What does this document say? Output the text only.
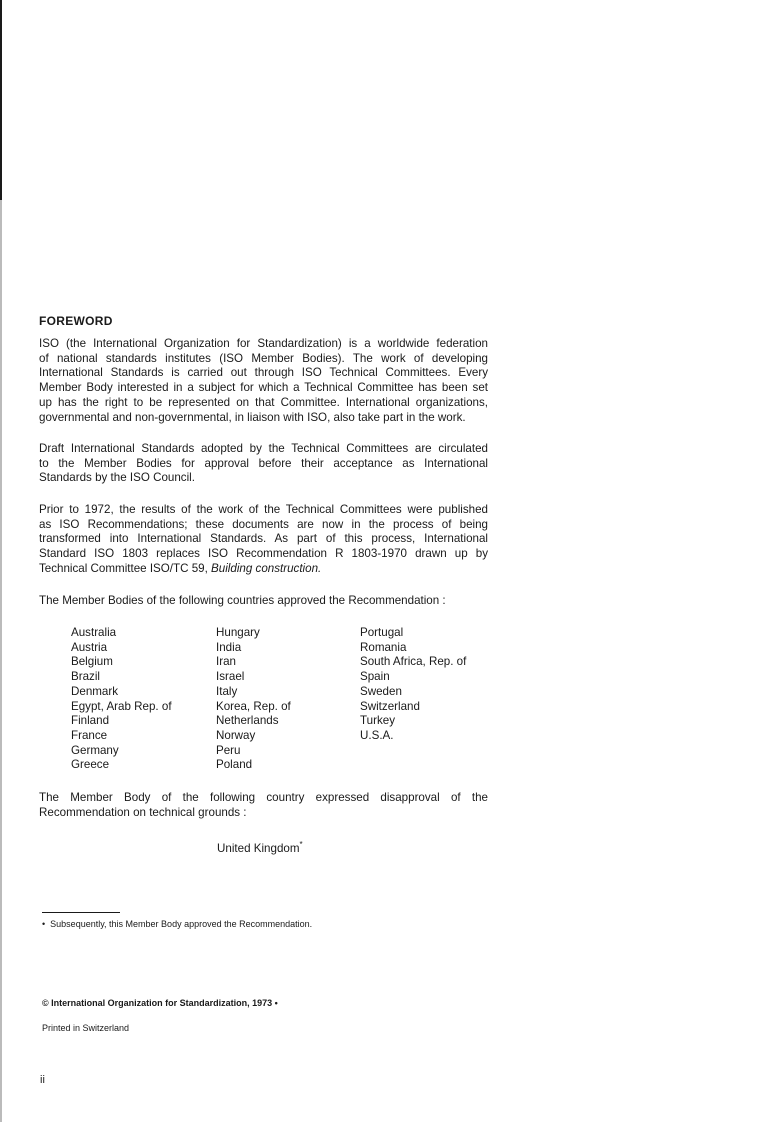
FOREWORD
ISO (the International Organization for Standardization) is a worldwide federation
of national standards institutes (ISO Member Bodies). The work of developing
International Standards is carried out through ISO Technical Committees. Every
Member Body interested in a subject for which a Technical Committee has been set
up has the right to be represented on that Committee. International organizations,
governmental and non-governmental, in liaison with ISO, also take part in the work.
Draft International Standards adopted by the Technical Committees are circulated
to the Member Bodies for approval before their acceptance as International
Standards by the ISO Council.
Prior to 1972, the results of the work of the Technical Committees were published
as ISO Recommendations; these documents are now in the process of being
transformed into International Standards. As part of this process, International
Standard ISO 1803 replaces ISO Recommendation R 1803-1970 drawn up by
Technical Committee ISO/TC 59, Building construction.
The Member Bodies of the following countries approved the Recommendation :
Australia
Austria
Belgium
Brazil
Denmark
Egypt, Arab Rep. of
Finland
France
Germany
Greece
Hungary
India
Iran
Israel
Italy
Korea, Rep. of
Netherlands
Norway
Peru
Poland
Portugal
Romania
South Africa, Rep. of
Spain
Sweden
Switzerland
Turkey
U.S.A.
The Member Body of the following country expressed disapproval of the
Recommendation on technical grounds :
United Kingdom*
• Subsequently, this Member Body approved the Recommendation.
© International Organization for Standardization, 1973 •
Printed in Switzerland
ii
